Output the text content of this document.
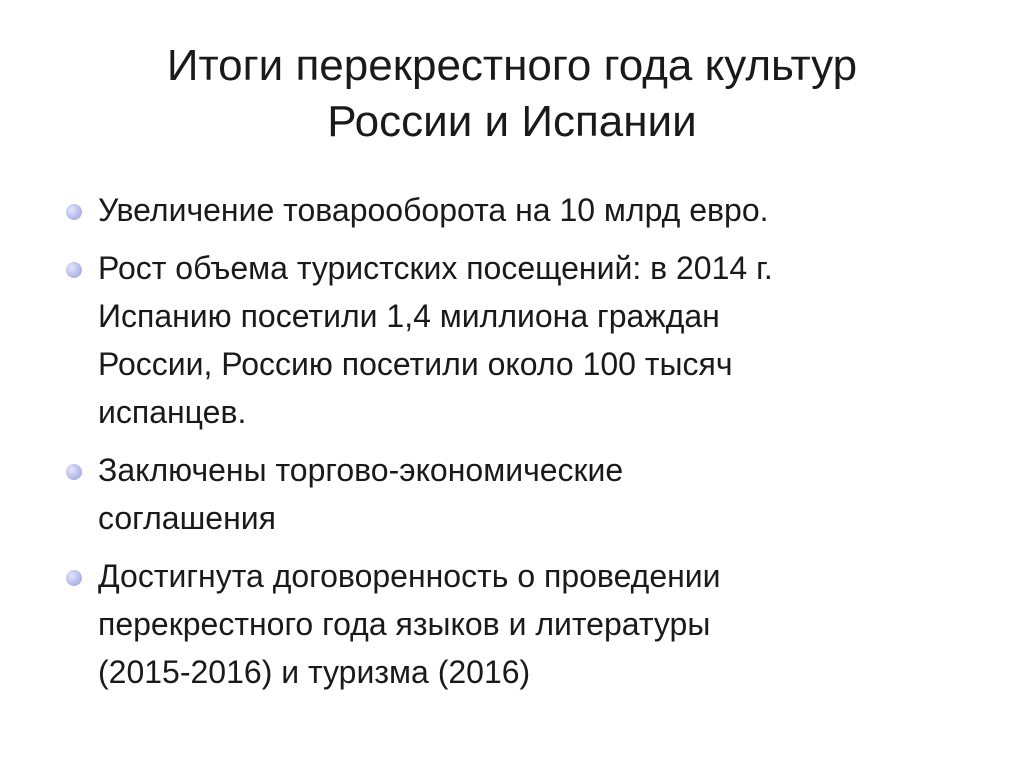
Итоги перекрестного года культур
России и Испании
Увеличение товарооборота на 10 млрд евро.
Рост объема туристских посещений: в 2014 г.
Испанию посетили 1,4 миллиона граждан
России, Россию посетили около 100 тысяч
испанцев.
Заключены торгово-экономические
соглашения
Достигнута договоренность о проведении
перекрестного года языков и литературы
(2015-2016) и туризма (2016)
